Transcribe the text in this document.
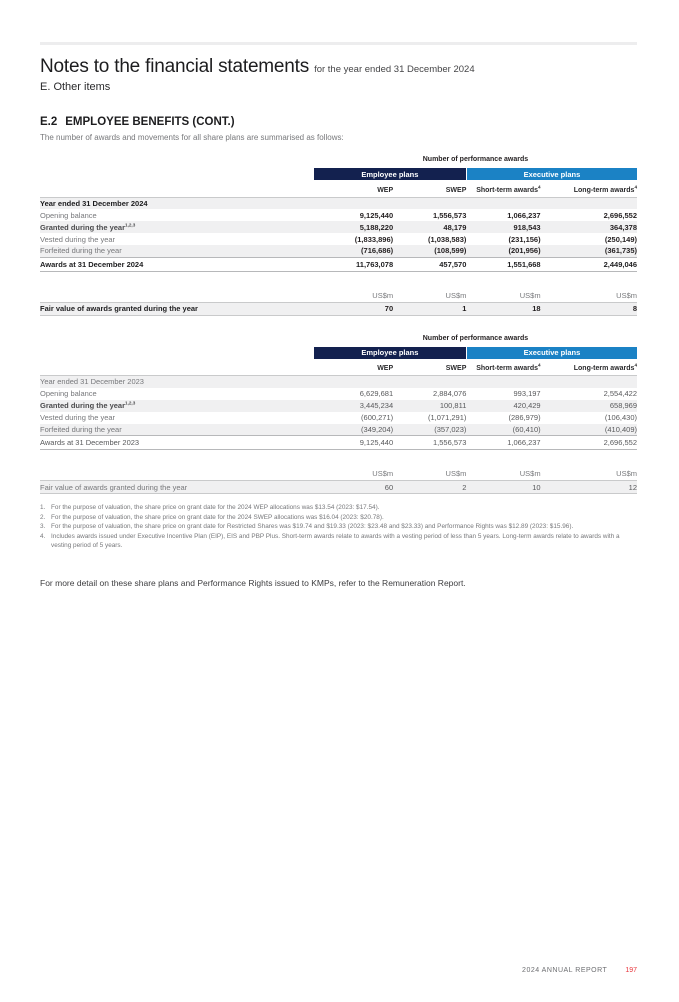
Notes to the financial statements for the year ended 31 December 2024
E. Other items
E.2 EMPLOYEE BENEFITS (CONT.)
The number of awards and movements for all share plans are summarised as follows:
	Number of performance awards			
	Employee plans		Executive plans	
	WEP	SWEP	Short-term awards$^4$	Long-term awards$^4$
Year ended 31 December 2024				
Opening balance	9,125,440	1,556,573	1,066,237	2,696,552
Granted during the year$^{1,2,3}$	5,188,220	48,179	918,543	364,378
Vested during the year	(1,833,896)	(1,038,583)	(231,156)	(250,149)
Forfeited during the year	(716,686)	(108,599)	(201,956)	(361,735)
Awards at 31 December 2024	11,763,078	457,570	1,551,668	2,449,046

	US$m	US$m	US$m	US$m
Fair value of awards granted during the year	70	1	18	8
	Number of performance awards			
	Employee plans		Executive plans	
	WEP	SWEP	Short-term awards$^4$	Long-term awards$^4$
Year ended 31 December 2023				
Opening balance	6,629,681	2,884,076	993,197	2,554,422
Granted during the year$^{1,2,3}$	3,445,234	100,811	420,429	658,969
Vested during the year	(600,271)	(1,071,291)	(286,979)	(106,430)
Forfeited during the year	(349,204)	(357,023)	(60,410)	(410,409)
Awards at 31 December 2023	9,125,440	1,556,573	1,066,237	2,696,552

	US$m	US$m	US$m	US$m
Fair value of awards granted during the year	60	2	10	12
1. For the purpose of valuation, the share price on grant date for the 2024 WEP allocations was $13.54 (2023: $17.54).
2. For the purpose of valuation, the share price on grant date for the 2024 SWEP allocations was $16.04 (2023: $20.78).
3. For the purpose of valuation, the share price on grant date for Restricted Shares was $19.74 and $19.33 (2023: $23.48 and $23.33) and Performance Rights was $12.89 (2023: $15.96).
4. Includes awards issued under Executive Incentive Plan (EIP), EIS and PBP Plus. Short-term awards relate to awards with a vesting period of less than 5 years. Long-term awards relate to awards with a vesting period of 5 years.
For more detail on these share plans and Performance Rights issued to KMPs, refer to the Remuneration Report.
2024 ANNUAL REPORT	197
